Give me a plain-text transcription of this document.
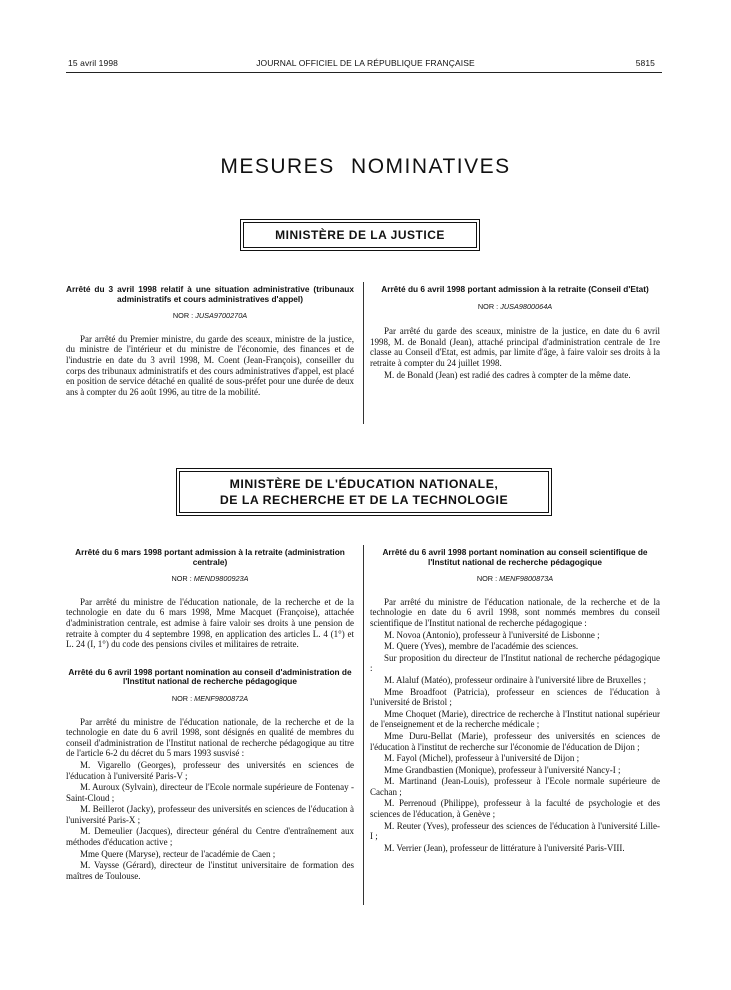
15 avril 1998	JOURNAL OFFICIEL DE LA RÉPUBLIQUE FRANÇAISE	5815
MESURES NOMINATIVES
MINISTÈRE DE LA JUSTICE

Arrêté du 3 avril 1998 relatif à une situation administrative (tribunaux administratifs et cours administratives d'appel)

NOR : JUSA9700270A

Par arrêté du Premier ministre, du garde des sceaux, ministre de la justice, du ministre de l'intérieur et du ministre de l'économie, des finances et de l'industrie en date du 3 avril 1998, M. Coent (Jean-François), conseiller du corps des tribunaux administratifs et des cours administratives d'appel, est placé en position de service détaché en qualité de sous-préfet pour une durée de deux ans à compter du 26 août 1996, au titre de la mobilité.

Arrêté du 6 avril 1998 portant admission à la retraite (Conseil d'Etat)

NOR : JUSA9800064A

Par arrêté du garde des sceaux, ministre de la justice, en date du 6 avril 1998, M. de Bonald (Jean), attaché principal d'administration centrale de 1re classe au Conseil d'Etat, est admis, par limite d'âge, à faire valoir ses droits à la retraite à compter du 24 juillet 1998.

M. de Bonald (Jean) est radié des cadres à compter de la même date.

MINISTÈRE DE L'ÉDUCATION NATIONALE,
DE LA RECHERCHE ET DE LA TECHNOLOGIE

Arrêté du 6 mars 1998 portant admission à la retraite (administration centrale)

NOR : MEND9800923A

Par arrêté du ministre de l'éducation nationale, de la recherche et de la technologie en date du 6 mars 1998, Mme Macquet (Françoise), attachée d'administration centrale, est admise à faire valoir ses droits à une pension de retraite à compter du 4 septembre 1998, en application des articles L. 4 (1°) et L. 24 (I, 1°) du code des pensions civiles et militaires de retraite.

Arrêté du 6 avril 1998 portant nomination au conseil d'administration de l'Institut national de recherche pédagogique

NOR : MENF9800872A

Par arrêté du ministre de l'éducation nationale, de la recherche et de la technologie en date du 6 avril 1998, sont désignés en qualité de membres du conseil d'administration de l'Institut national de recherche pédagogique au titre de l'article 6-2 du décret du 5 mars 1993 susvisé :

M. Vigarello (Georges), professeur des universités en sciences de l'éducation à l'université Paris-V ;

M. Auroux (Sylvain), directeur de l'Ecole normale supérieure de Fontenay - Saint-Cloud ;

M. Beillerot (Jacky), professeur des universités en sciences de l'éducation à l'université Paris-X ;

M. Demeulier (Jacques), directeur général du Centre d'entraînement aux méthodes d'éducation active ;

Mme Quere (Maryse), recteur de l'académie de Caen ;

M. Vaysse (Gérard), directeur de l'institut universitaire de formation des maîtres de Toulouse.

Arrêté du 6 avril 1998 portant nomination au conseil scientifique de l'Institut national de recherche pédagogique

NOR : MENF9800873A

Par arrêté du ministre de l'éducation nationale, de la recherche et de la technologie en date du 6 avril 1998, sont nommés membres du conseil scientifique de l'Institut national de recherche pédagogique :

M. Novoa (Antonio), professeur à l'université de Lisbonne ;

M. Quere (Yves), membre de l'académie des sciences.

Sur proposition du directeur de l'Institut national de recherche pédagogique :

M. Alaluf (Matéo), professeur ordinaire à l'université libre de Bruxelles ;

Mme Broadfoot (Patricia), professeur en sciences de l'éducation à l'université de Bristol ;

Mme Choquet (Marie), directrice de recherche à l'Institut national supérieur de l'enseignement et de la recherche médicale ;

Mme Duru-Bellat (Marie), professeur des universités en sciences de l'éducation à l'institut de recherche sur l'économie de l'éducation de Dijon ;

M. Fayol (Michel), professeur à l'université de Dijon ;

Mme Grandbastien (Monique), professeur à l'université Nancy-I ;

M. Martinand (Jean-Louis), professeur à l'Ecole normale supérieure de Cachan ;

M. Perrenoud (Philippe), professeur à la faculté de psychologie et des sciences de l'éducation, à Genève ;

M. Reuter (Yves), professeur des sciences de l'éducation à l'université Lille-I ;

M. Verrier (Jean), professeur de littérature à l'université Paris-VIII.
